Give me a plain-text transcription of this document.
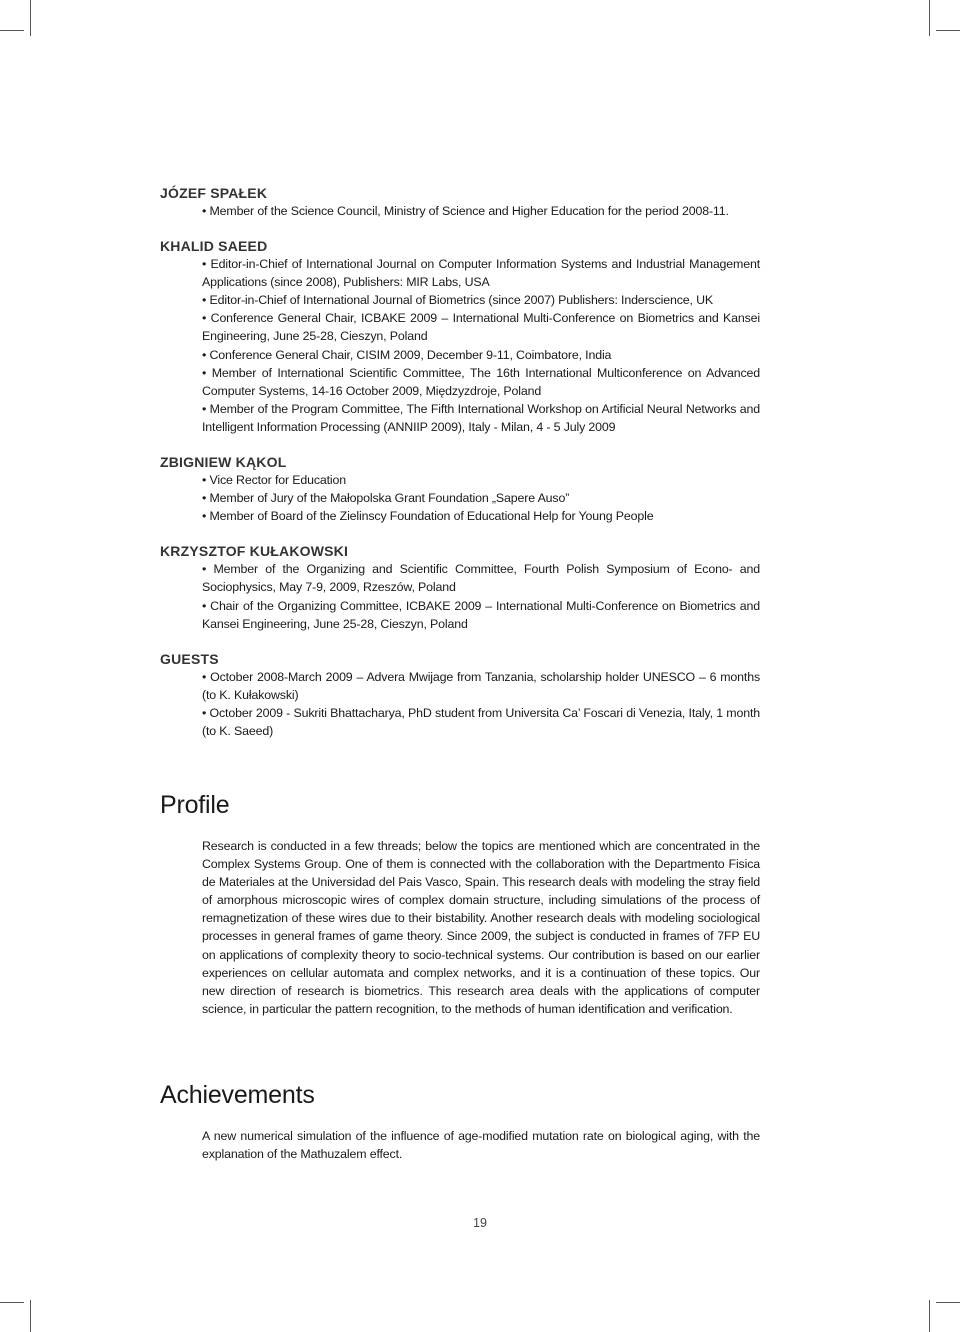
JÓZEF SPAŁEK
• Member of the Science Council, Ministry of Science and Higher Education for the period 2008-11.
KHALID SAEED
• Editor-in-Chief of International Journal on Computer Information Systems and Industrial Management Applications (since 2008), Publishers: MIR Labs, USA
• Editor-in-Chief of International Journal of Biometrics (since 2007) Publishers: Inderscience, UK
• Conference General Chair, ICBAKE 2009 – International Multi-Conference on Biometrics and Kansei Engineering, June 25-28, Cieszyn, Poland
• Conference General Chair, CISIM 2009, December 9-11, Coimbatore, India
• Member of International Scientific Committee, The 16th International Multiconference on Advanced Computer Systems, 14-16 October 2009, Międzyzdroje, Poland
• Member of the Program Committee, The Fifth International Workshop on Artificial Neural Networks and Intelligent Information Processing (ANNIIP 2009), Italy - Milan, 4 - 5 July 2009
ZBIGNIEW KĄKOL
• Vice Rector for Education
• Member of Jury of the Małopolska Grant Foundation „Sapere Auso”
• Member of Board of the Zielinscy Foundation of Educational Help for Young People
KRZYSZTOF KUŁAKOWSKI
• Member of the Organizing and Scientific Committee, Fourth Polish Symposium of Econo- and Sociophysics, May 7-9, 2009, Rzeszów, Poland
• Chair of the Organizing Committee, ICBAKE 2009 – International Multi-Conference on Biometrics and Kansei Engineering, June 25-28, Cieszyn, Poland
GUESTS
• October 2008-March 2009 – Advera Mwijage from Tanzania, scholarship holder UNESCO – 6 months (to K. Kułakowski)
• October 2009 - Sukriti Bhattacharya, PhD student from Universita Ca’ Foscari di Venezia, Italy, 1 month (to K. Saeed)
Profile

Research is conducted in a few threads; below the topics are mentioned which are concentrated in the Complex Systems Group. One of them is connected with the collaboration with the Departmento Fisica de Materiales at the Universidad del Pais Vasco, Spain. This research deals with modeling the stray field of amorphous microscopic wires of complex domain structure, including simulations of the process of remagnetization of these wires due to their bistability. Another research deals with modeling sociological processes in general frames of game theory. Since 2009, the subject is conducted in frames of 7FP EU on applications of complexity theory to socio-technical systems. Our contribution is based on our earlier experiences on cellular automata and complex networks, and it is a continuation of these topics. Our new direction of research is biometrics. This research area deals with the applications of computer science, in particular the pattern recognition, to the methods of human identification and verification.

Achievements

A new numerical simulation of the influence of age-modified mutation rate on biological aging, with the explanation of the Mathuzalem effect.

19
